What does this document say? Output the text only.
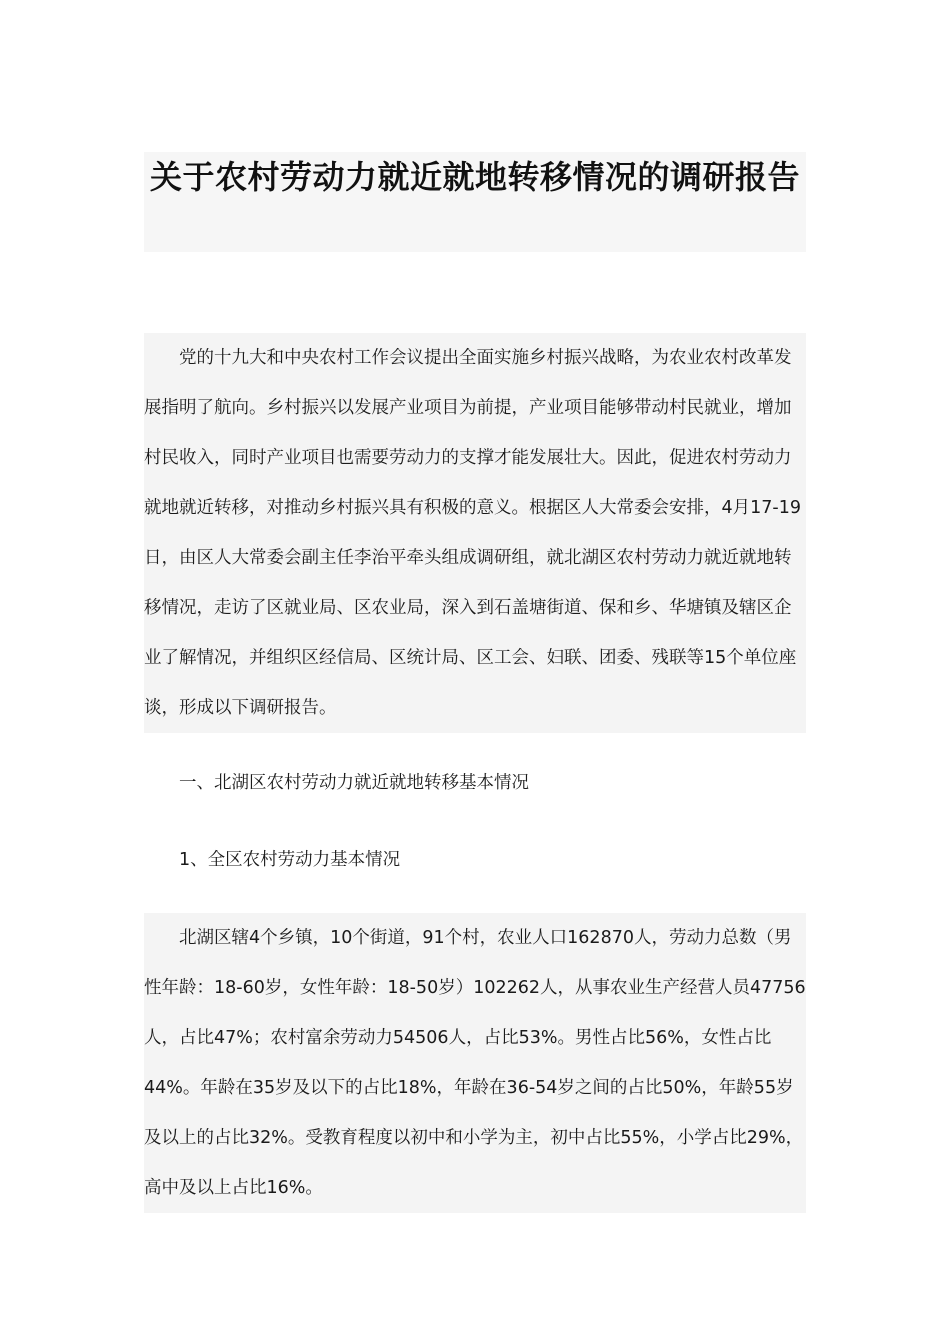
关于农村劳动力就近就地转移情况的调研报告

党的十九大和中央农村工作会议提出全面实施乡村振兴战略，为农业农村改革发展指明了航向。乡村振兴以发展产业项目为前提，产业项目能够带动村民就业，增加村民收入，同时产业项目也需要劳动力的支撑才能发展壮大。因此，促进农村劳动力就地就近转移，对推动乡村振兴具有积极的意义。根据区人大常委会安排，4月17-19日，由区人大常委会副主任李治平牵头组成调研组，就北湖区农村劳动力就近就地转移情况，走访了区就业局、区农业局，深入到石盖塘街道、保和乡、华塘镇及辖区企业了解情况，并组织区经信局、区统计局、区工会、妇联、团委、残联等15个单位座谈，形成以下调研报告。

一、北湖区农村劳动力就近就地转移基本情况

1、全区农村劳动力基本情况

北湖区辖4个乡镇，10个街道，91个村，农业人口162870人，劳动力总数（男性年龄：18-60岁，女性年龄：18-50岁）102262人，从事农业生产经营人员47756人，占比47%；农村富余劳动力54506人，占比53%。男性占比56%，女性占比44%。年龄在35岁及以下的占比18%，年龄在36-54岁之间的占比50%，年龄55岁及以上的占比32%。受教育程度以初中和小学为主，初中占比55%，小学占比29%，高中及以上占比16%。
